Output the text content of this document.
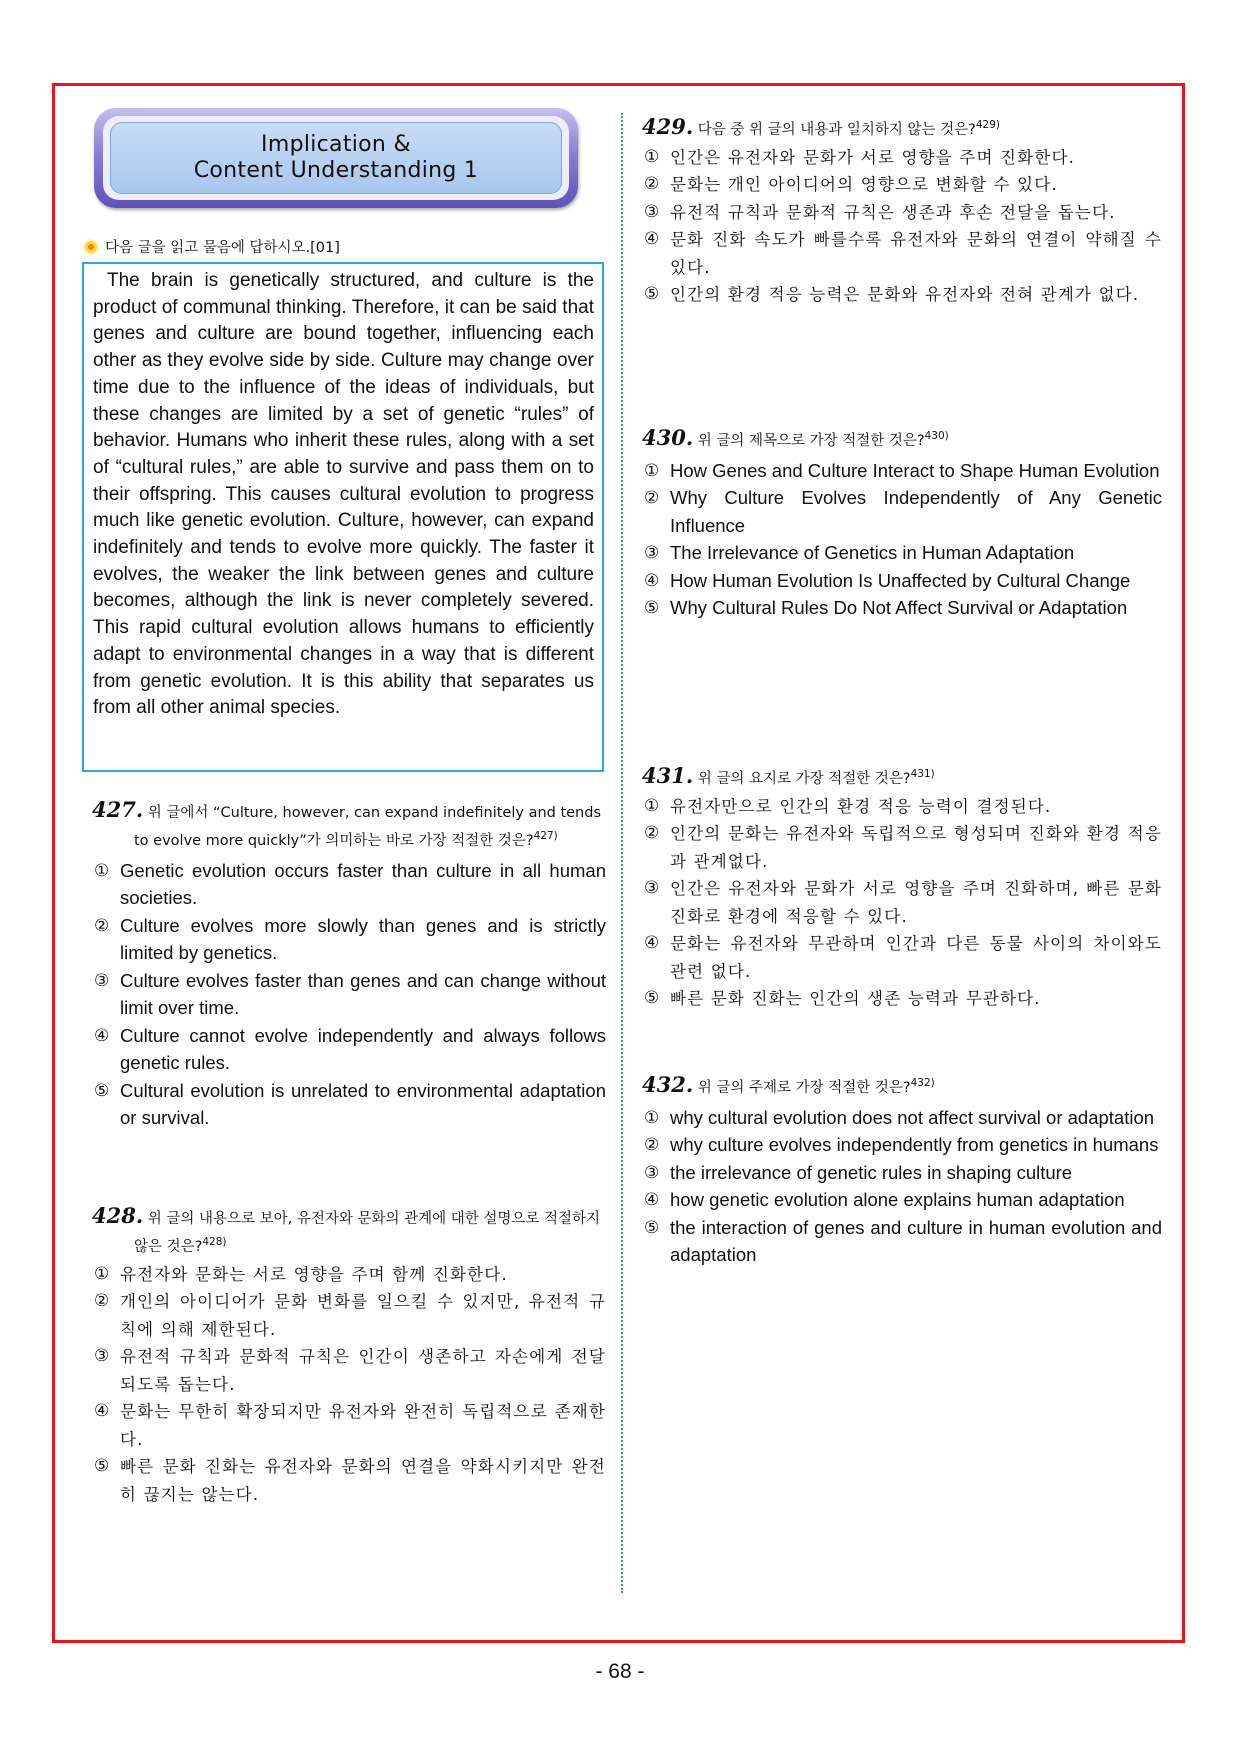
Implication &
Content Understanding 1
다음 글을 읽고 물음에 답하시오.[01]

The brain is genetically structured, and culture is the product of communal thinking. Therefore, it can be said that genes and culture are bound together, influencing each other as they evolve side by side. Culture may change over time due to the influence of the ideas of individuals, but these changes are limited by a set of genetic “rules” of behavior. Humans who inherit these rules, along with a set of “cultural rules,” are able to survive and pass them on to their offspring. This causes cultural evolution to progress much like genetic evolution. Culture, however, can expand indefinitely and tends to evolve more quickly. The faster it evolves, the weaker the link between genes and culture becomes, although the link is never completely severed. This rapid cultural evolution allows humans to efficiently adapt to environmental changes in a way that is different from genetic evolution. It is this ability that separates us from all other animal species.

427. 위 글에서 “Culture, however, can expand indefinitely and tends to evolve more quickly”가 의미하는 바로 가장 적절한 것은?$^{427)}$
① Genetic evolution occurs faster than culture in all human societies.
② Culture evolves more slowly than genes and is strictly limited by genetics.
③ Culture evolves faster than genes and can change without limit over time.
④ Culture cannot evolve independently and always follows genetic rules.
⑤ Cultural evolution is unrelated to environmental adaptation or survival.
428. 위 글의 내용으로 보아, 유전자와 문화의 관계에 대한 설명으로 적절하지 않은 것은?$^{428)}$
① 유전자와 문화는 서로 영향을 주며 함께 진화한다.
② 개인의 아이디어가 문화 변화를 일으킬 수 있지만, 유전적 규칙에 의해 제한된다.
③ 유전적 규칙과 문화적 규칙은 인간이 생존하고 자손에게 전달되도록 돕는다.
④ 문화는 무한히 확장되지만 유전자와 완전히 독립적으로 존재한다.
⑤ 빠른 문화 진화는 유전자와 문화의 연결을 약화시키지만 완전히 끊지는 않는다.
429. 다음 중 위 글의 내용과 일치하지 않는 것은?$^{429)}$
① 인간은 유전자와 문화가 서로 영향을 주며 진화한다.
② 문화는 개인 아이디어의 영향으로 변화할 수 있다.
③ 유전적 규칙과 문화적 규칙은 생존과 후손 전달을 돕는다.
④ 문화 진화 속도가 빠를수록 유전자와 문화의 연결이 약해질 수 있다.
⑤ 인간의 환경 적응 능력은 문화와 유전자와 전혀 관계가 없다.
430. 위 글의 제목으로 가장 적절한 것은?$^{430)}$
① How Genes and Culture Interact to Shape Human Evolution
② Why Culture Evolves Independently of Any Genetic Influence
③ The Irrelevance of Genetics in Human Adaptation
④ How Human Evolution Is Unaffected by Cultural Change
⑤ Why Cultural Rules Do Not Affect Survival or Adaptation
431. 위 글의 요지로 가장 적절한 것은?$^{431)}$
① 유전자만으로 인간의 환경 적응 능력이 결정된다.
② 인간의 문화는 유전자와 독립적으로 형성되며 진화와 환경 적응과 관계없다.
③ 인간은 유전자와 문화가 서로 영향을 주며 진화하며, 빠른 문화 진화로 환경에 적응할 수 있다.
④ 문화는 유전자와 무관하며 인간과 다른 동물 사이의 차이와도 관련 없다.
⑤ 빠른 문화 진화는 인간의 생존 능력과 무관하다.
432. 위 글의 주제로 가장 적절한 것은?$^{432)}$
① why cultural evolution does not affect survival or adaptation
② why culture evolves independently from genetics in humans
③ the irrelevance of genetic rules in shaping culture
④ how genetic evolution alone explains human adaptation
⑤ the interaction of genes and culture in human evolution and adaptation
- 68 -
